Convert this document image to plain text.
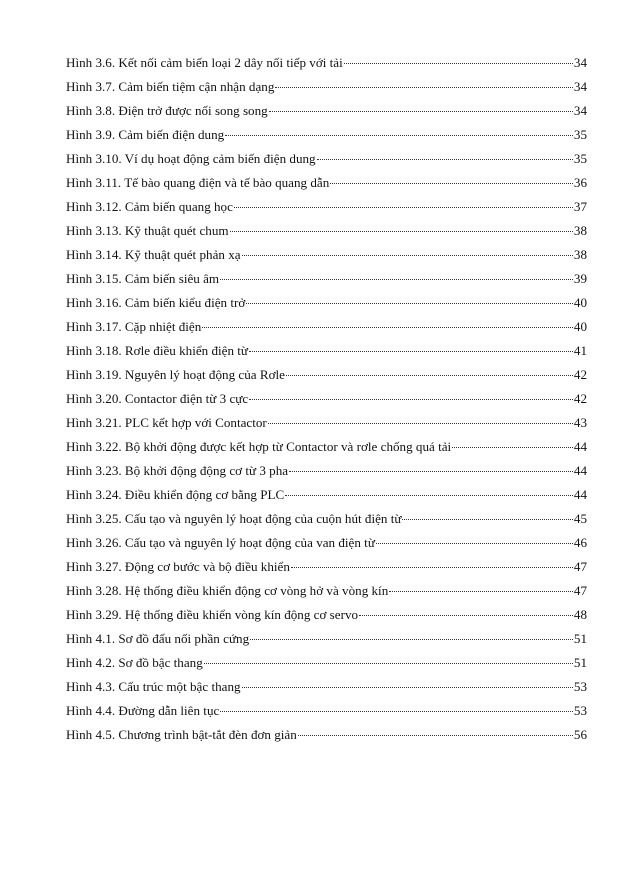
Hình 3.6. Kết nối cảm biến loại 2 dây nối tiếp với tải	34
Hình 3.7. Cảm biến tiệm cận nhận dạng	34
Hình 3.8. Điện trở được nối song song	34
Hình 3.9. Cảm biến điện dung	35
Hình 3.10. Ví dụ hoạt động cảm biến điện dung	35
Hình 3.11. Tế bào quang điện và tế bào quang dẫn	36
Hình 3.12. Cảm biến quang học	37
Hình 3.13. Kỹ thuật quét chum	38
Hình 3.14. Kỹ thuật quét phản xạ	38
Hình 3.15. Cảm biến siêu âm	39
Hình 3.16. Cảm biến kiểu điện trở	40
Hình 3.17. Cặp nhiệt điện	40
Hình 3.18. Rơle điều khiển điện từ	41
Hình 3.19. Nguyên lý hoạt động của Rơle	42
Hình 3.20. Contactor điện từ 3 cực	42
Hình 3.21. PLC kết hợp với Contactor	43
Hình 3.22. Bộ khởi động được kết hợp từ Contactor và rơle chống quá tải	44
Hình 3.23. Bộ khởi động động cơ từ 3 pha	44
Hình 3.24. Điều khiển động cơ bằng PLC	44
Hình 3.25. Cấu tạo và nguyên lý hoạt động của cuộn hút điện từ	45
Hình 3.26. Cấu tạo và nguyên lý hoạt động của van điện từ	46
Hình 3.27. Động cơ bước và bộ điều khiển	47
Hình 3.28. Hệ thống điều khiển động cơ vòng hở và vòng kín	47
Hình 3.29. Hệ thống điều khiển vòng kín động cơ servo	48
Hình 4.1. Sơ đồ đấu nối phần cứng	51
Hình 4.2. Sơ đồ bậc thang	51
Hình 4.3. Cấu trúc một bậc thang	53
Hình 4.4. Đường dẫn liên tục	53
Hình 4.5. Chương trình bật-tắt đèn đơn giản	56
